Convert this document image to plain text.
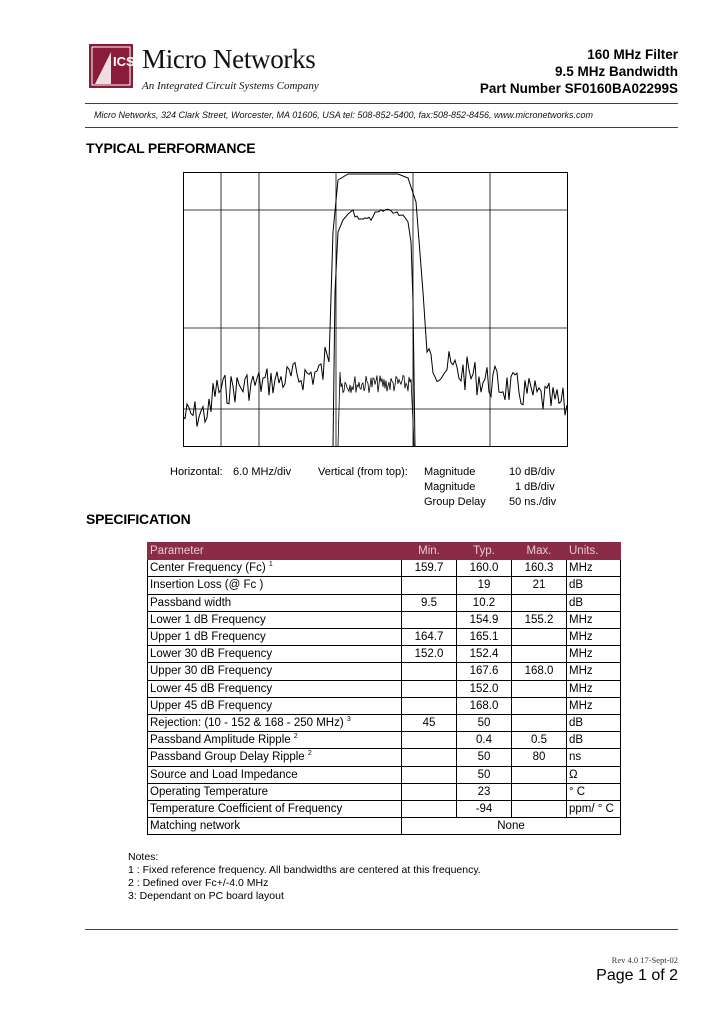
ICS Micro Networks
An Integrated Circuit Systems Company
160 MHz Filter
9.5 MHz Bandwidth
Part Number SF0160BA02299S
Micro Networks, 324 Clark Street, Worcester, MA 01606, USA tel: 508-852-5400, fax:508-852-8456, www.micronetworks.com
TYPICAL PERFORMANCE
Horizontal: 6.0 MHz/div Vertical (from top): Magnitude	10 dB/div
Magnitude	1 dB/div
Group Delay 50 ns./div
SPECIFICATION
Parameter	Min.	Typ.	Max.	Units.
Center Frequency (Fc) $^1$	159.7	160.0	160.3	MHz
Insertion Loss (@ Fc )		19	21	dB
Passband width	9.5	10.2		dB
Lower 1 dB Frequency		154.9	155.2	MHz
Upper 1 dB Frequency	164.7	165.1		MHz
Lower 30 dB Frequency	152.0	152.4		MHz
Upper 30 dB Frequency		167.6	168.0	MHz
Lower 45 dB Frequency		152.0		MHz
Upper 45 dB Frequency		168.0		MHz
Rejection: (10 - 152 & 168 - 250 MHz) $^3$	45	50		dB
Passband Amplitude Ripple $^2$		0.4	0.5	dB
Passband Group Delay Ripple $^2$		50	80	ns
Source and Load Impedance		50		Ω
Operating Temperature		23		° C
Temperature Coefficient of Frequency		-94		ppm/ ° C
Matching network	None			
Notes:
1 : Fixed reference frequency. All bandwidths are centered at this frequency.
2 : Defined over Fc+/-4.0 MHz
3: Dependant on PC board layout
Rev 4.0 17-Sept-02
Page 1 of 2
